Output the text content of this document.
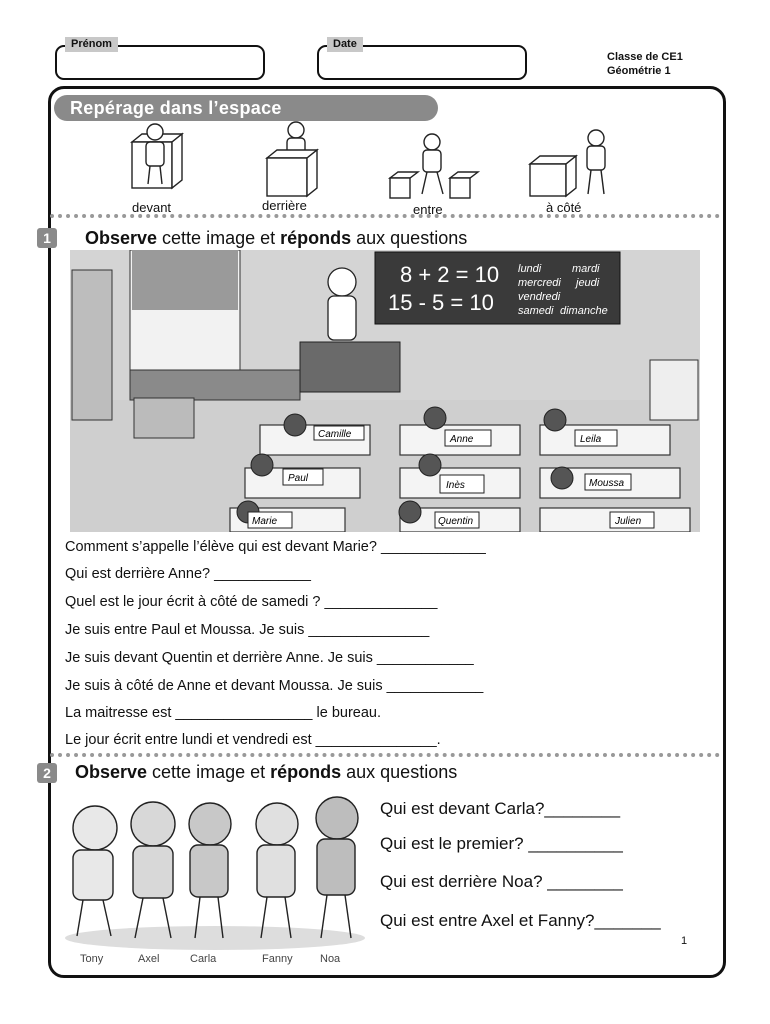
Prénom	Date
Classe de CE1
Géométrie 1
Repérage dans l’espace
devant	derrière	entre	à côté
1	Observe cette image et réponds aux questions
8 + 2 = 10
15 - 5 = 10
lundi	mardi
mercredi jeudi
vendredi
samedi dimanche
Camille	Anne	Leila
Paul
Inès	Moussa
Marie	Quentin	Julien
Comment s’appelle l’élève qui est devant Marie? _____________
Qui est derrière Anne? ____________
Quel est le jour écrit à côté de samedi ? ______________
Je suis entre Paul et Moussa. Je suis _______________
Je suis devant Quentin et derrière Anne. Je suis ____________
Je suis à côté de Anne et devant Moussa. Je suis ____________
La maitresse est _________________ le bureau.
Le jour écrit entre lundi et vendredi est _______________.
2	Observe cette image et réponds aux questions
Tony	Axel	Carla	Fanny Noa
Qui est devant Carla?________
Qui est le premier? __________
Qui est derrière Noa? ________
Qui est entre Axel et Fanny?_______
1
